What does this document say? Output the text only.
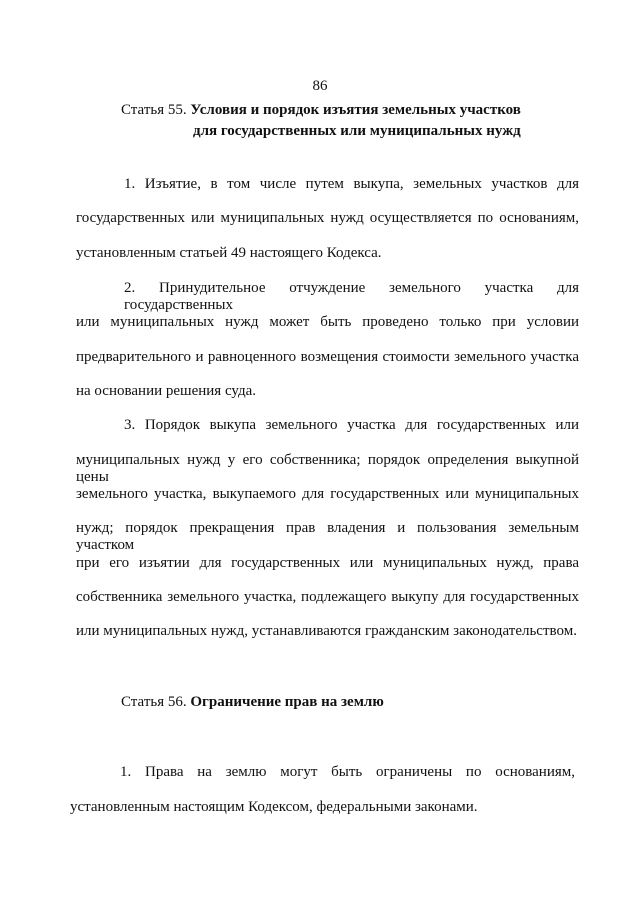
86
Статья 55. Условия и порядок изъятия земельных участков
для государственных или муниципальных нужд
1. Изъятие, в том числе путем выкупа, земельных участков для
государственных или муниципальных нужд осуществляется по основаниям,
установленным статьей 49 настоящего Кодекса.
2. Принудительное отчуждение земельного участка для государственных
или муниципальных нужд может быть проведено только при условии
предварительного и равноценного возмещения стоимости земельного участка
на основании решения суда.
3. Порядок выкупа земельного участка для государственных или
муниципальных нужд у его собственника; порядок определения выкупной цены
земельного участка, выкупаемого для государственных или муниципальных
нужд; порядок прекращения прав владения и пользования земельным участком
при его изъятии для государственных или муниципальных нужд, права
собственника земельного участка, подлежащего выкупу для государственных
или муниципальных нужд, устанавливаются гражданским законодательством.
Статья 56. Ограничение прав на землю
1. Права на землю могут быть ограничены по основаниям,
установленным настоящим Кодексом, федеральными законами.
